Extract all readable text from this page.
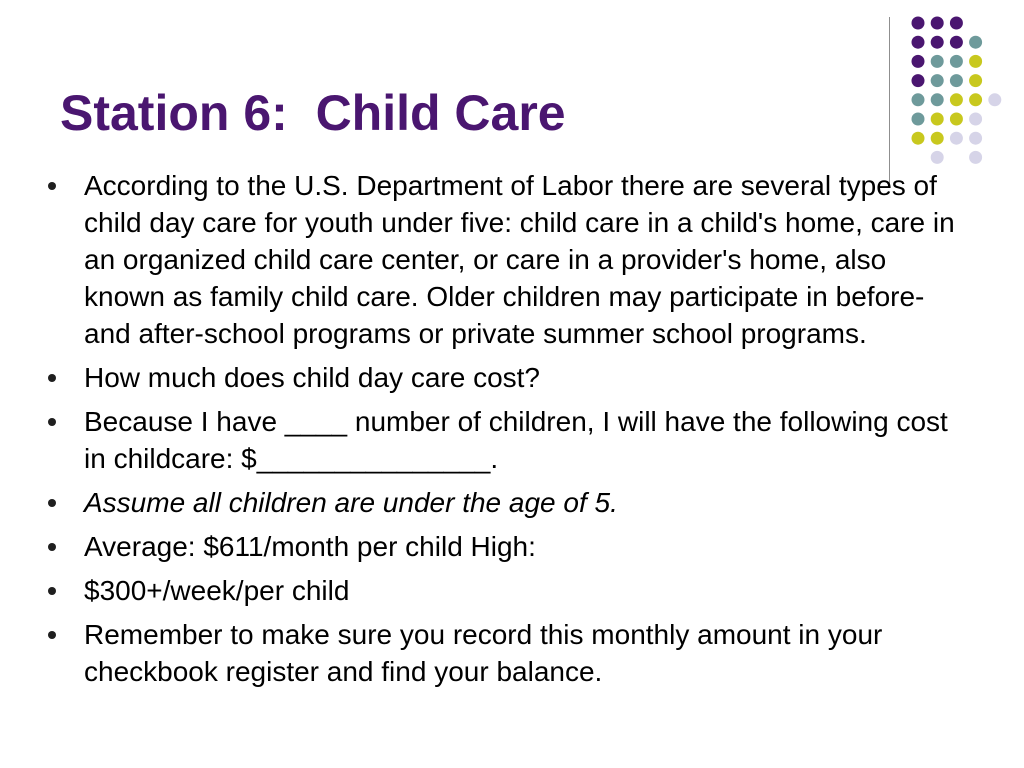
Station 6:  Child Care
According to the U.S. Department of Labor there are several types of child day care for youth under five: child care in a child's home, care in an organized child care center, or care in a provider's home, also known as family child care. Older children may participate in before- and after-school programs or private summer school programs.
How much does child day care cost?
Because I have ____ number of children, I will have the following cost in childcare: $_______________.
Assume all children are under the age of 5.
Average: $611/month per child High:
$300+/week/per child
Remember to make sure you record this monthly amount in your checkbook register and find your balance.
